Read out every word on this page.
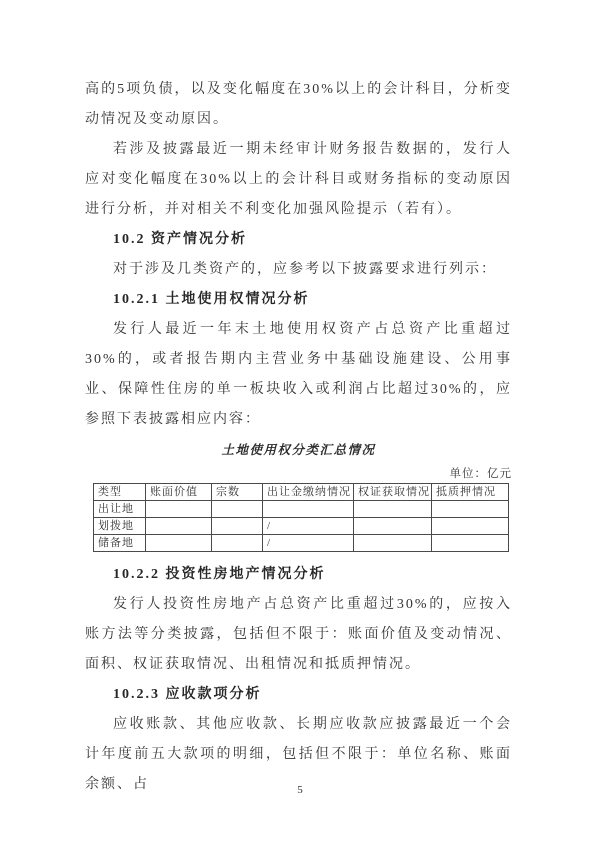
高的5项负债，以及变化幅度在30%以上的会计科目，分析变动情况及变动原因。

若涉及披露最近一期未经审计财务报告数据的，发行人应对变化幅度在30%以上的会计科目或财务指标的变动原因进行分析，并对相关不利变化加强风险提示（若有）。

10.2 资产情况分析

对于涉及几类资产的，应参考以下披露要求进行列示：

10.2.1 土地使用权情况分析

发行人最近一年末土地使用权资产占总资产比重超过30%的，或者报告期内主营业务中基础设施建设、公用事业、保障性住房的单一板块收入或利润占比超过30%的，应参照下表披露相应内容：

土地使用权分类汇总情况

单位：亿元

类型	账面价值	宗数	出让金缴纳情况	权证获取情况	抵质押情况
出让地					
划拨地			/		
储备地			/		

10.2.2 投资性房地产情况分析

发行人投资性房地产占总资产比重超过30%的，应按入账方法等分类披露，包括但不限于：账面价值及变动情况、面积、权证获取情况、出租情况和抵质押情况。

10.2.3 应收款项分析

应收账款、其他应收款、长期应收款应披露最近一个会计年度前五大款项的明细，包括但不限于：单位名称、账面余额、占	5
